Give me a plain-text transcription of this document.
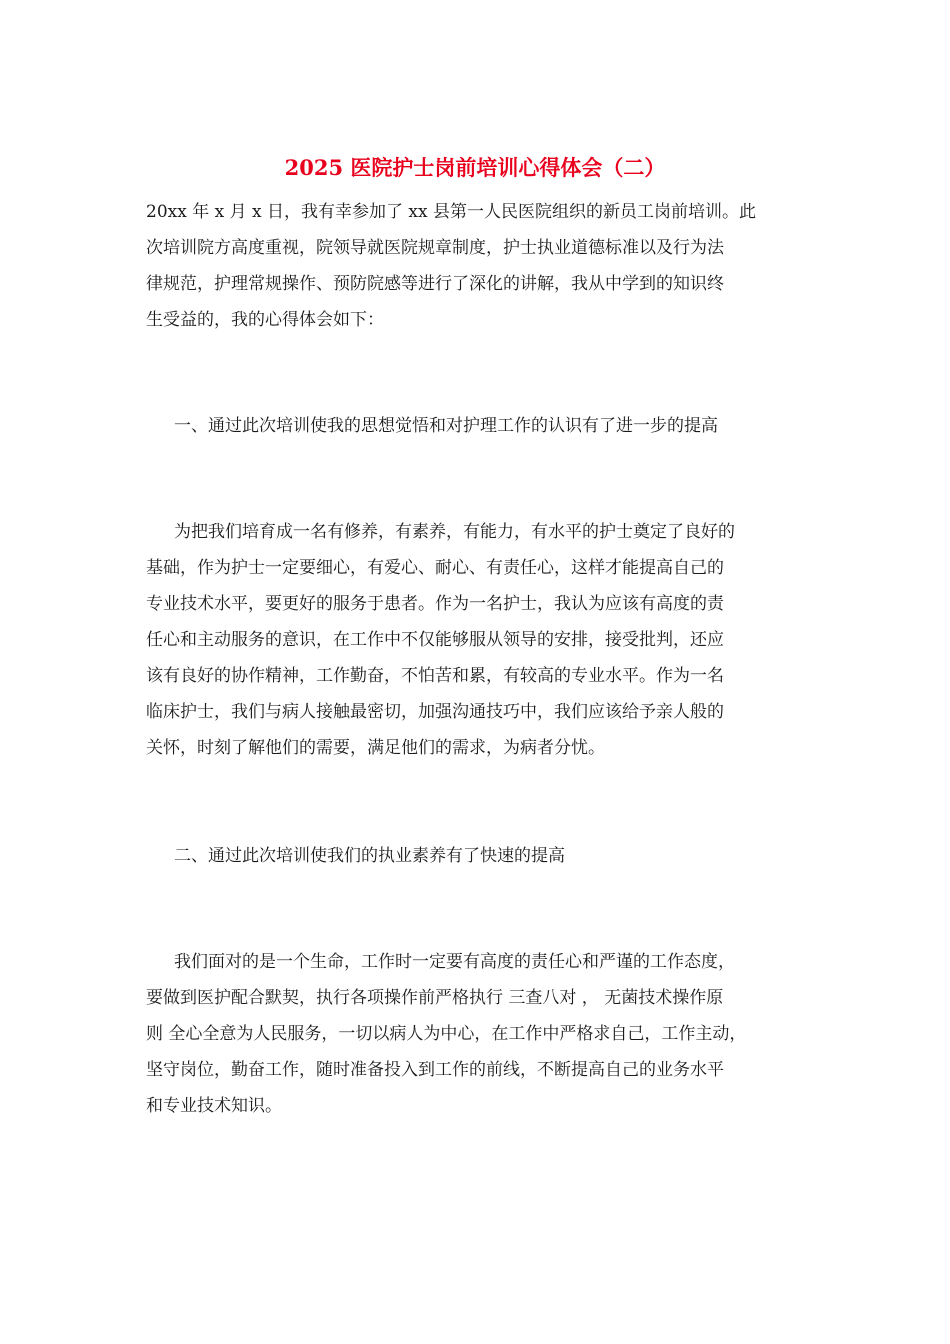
2025 医院护士岗前培训心得体会（二）
20xx 年 x 月 x 日，我有幸参加了 xx 县第一人民医院组织的新员工岗前培训。此
次培训院方高度重视，院领导就医院规章制度，护士执业道德标准以及行为法
律规范，护理常规操作、预防院感等进行了深化的讲解，我从中学到的知识终
生受益的，我的心得体会如下：
一、通过此次培训使我的思想觉悟和对护理工作的认识有了进一步的提高
为把我们培育成一名有修养，有素养，有能力，有水平的护士奠定了良好的
基础，作为护士一定要细心，有爱心、耐心、有责任心，这样才能提高自己的
专业技术水平，要更好的服务于患者。作为一名护士，我认为应该有高度的责
任心和主动服务的意识，在工作中不仅能够服从领导的安排，接受批判，还应
该有良好的协作精神，工作勤奋，不怕苦和累，有较高的专业水平。作为一名
临床护士，我们与病人接触最密切，加强沟通技巧中，我们应该给予亲人般的
关怀，时刻了解他们的需要，满足他们的需求，为病者分忧。
二、通过此次培训使我们的执业素养有了快速的提高
我们面对的是一个生命，工作时一定要有高度的责任心和严谨的工作态度，
要做到医护配合默契，执行各项操作前严格执行 三查八对 ， 无菌技术操作原
则 全心全意为人民服务，一切以病人为中心，在工作中严格求自己，工作主动，
坚守岗位，勤奋工作，随时准备投入到工作的前线，不断提高自己的业务水平
和专业技术知识。
